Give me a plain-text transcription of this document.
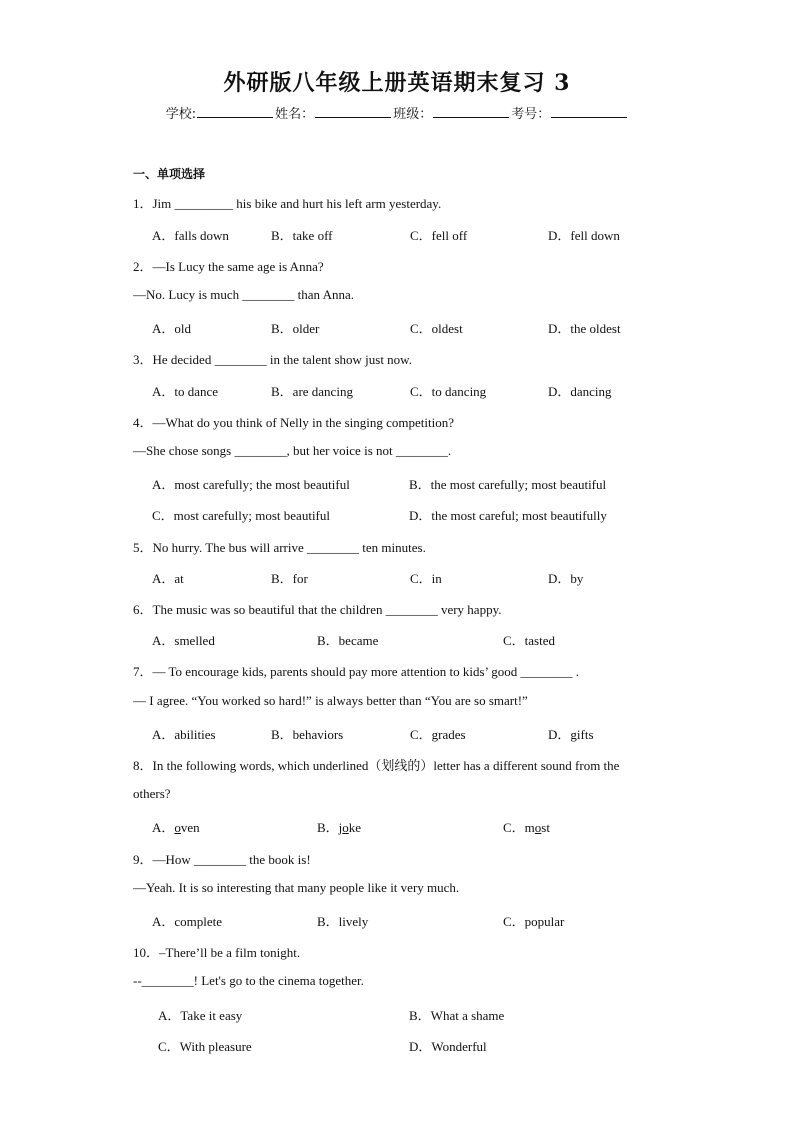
外研版八年级上册英语期末复习 3
学校:	姓名：	班级：	考号：
一、单项选择
1．Jim _________ his bike and hurt his left arm yesterday.
A．falls down	B．take off	C．fell off	D．fell down
2．—Is Lucy the same age is Anna?
—No. Lucy is much ________ than Anna.
A．old	B．older	C．oldest	D．the oldest
3．He decided ________ in the talent show just now.
A．to dance	B．are dancing	C．to dancing	D．dancing
4．—What do you think of Nelly in the singing competition?
—She chose songs ________, but her voice is not ________.
A．most carefully; the most beautiful	B．the most carefully; most beautiful
C．most carefully; most beautiful	D．the most careful; most beautifully
5．No hurry. The bus will arrive ________ ten minutes.
A．at	B．for	C．in	D．by
6．The music was so beautiful that the children ________ very happy.
A．smelled	B．became	C．tasted
7．— To encourage kids, parents should pay more attention to kids’ good ________ .
— I agree. “You worked so hard!” is always better than “You are so smart!”
A．abilities	B．behaviors	C．grades	D．gifts
8．In the following words, which underlined（划线的）letter has a different sound from the
others?
A．oven	B．joke	C．most
9．—How ________ the book is!
—Yeah. It is so interesting that many people like it very much.
A．complete	B．lively	C．popular
10．–There’ll be a film tonight.
--________! Let's go to the cinema together.
A．Take it easy	B．What a shame
C．With pleasure	D．Wonderful
